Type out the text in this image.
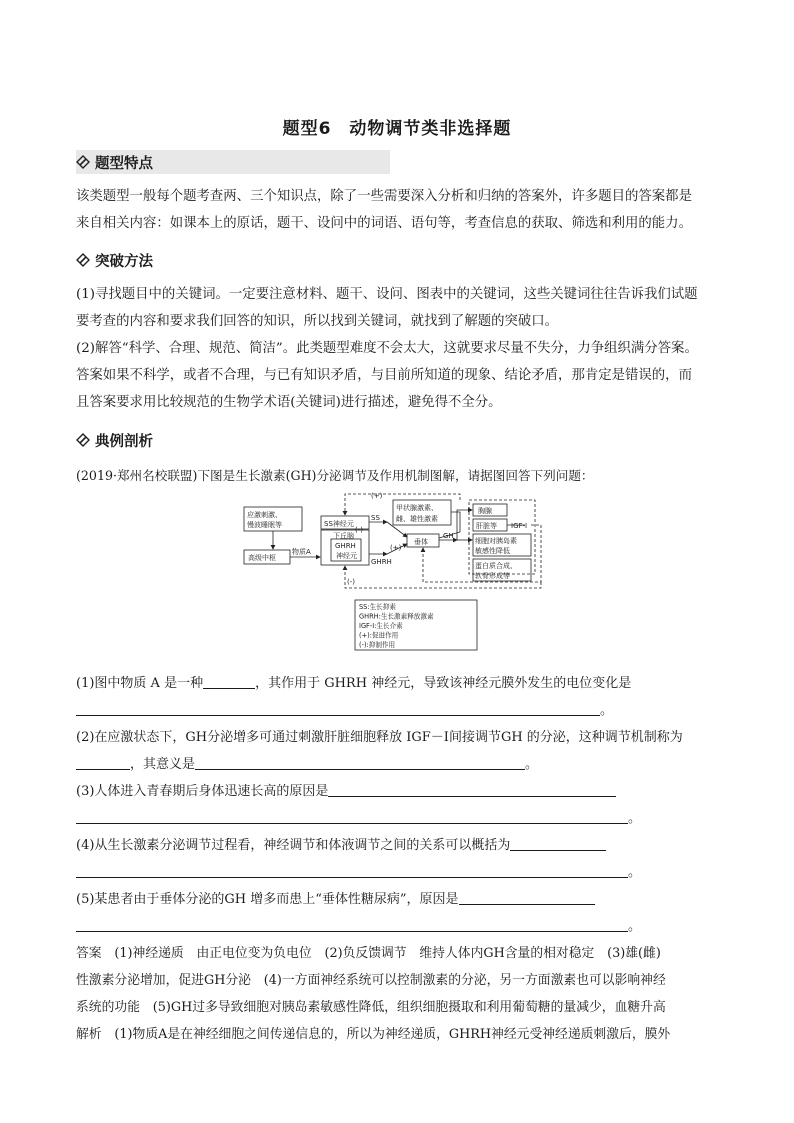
题型6　动物调节类非选择题
题型特点
该类题型一般每个题考查两、三个知识点，除了一些需要深入分析和归纳的答案外，许多题目的答案都是
来自相关内容：如课本上的原话，题干、设问中的词语、语句等，考查信息的获取、筛选和利用的能力。
突破方法
(1)寻找题目中的关键词。一定要注意材料、题干、设问、图表中的关键词，这些关键词往往告诉我们试题
要考查的内容和要求我们回答的知识，所以找到关键词，就找到了解题的突破口。
(2)解答“科学、合理、规范、简洁”。此类题型难度不会太大，这就要求尽量不失分，力争组织满分答案。
答案如果不科学，或者不合理，与已有知识矛盾，与目前所知道的现象、结论矛盾，那肯定是错误的，而
且答案要求用比较规范的生物学术语(关键词)进行描述，避免得不全分。
典例剖析
(2019·郑州名校联盟)下图是生长激素(GH)分泌调节及作用机制图解，请据图回答下列问题：
应激刺激、
慢波睡眠等
高级中枢
物质A
SS神经元
下丘脑
GHRH
神经元
SS
GHRH
甲状腺激素、
雌、雄性激素
垂体
GH
胸腺
肝脏等 IGF-Ⅰ
细胞对胰岛素
敏感性降低
蛋白质合成、
软骨形成等
(+)
(-)
(+)
(-)
SS:生长抑素
GHRH:生长激素释放激素
IGF-Ⅰ:生长介素
(+):促进作用
(-):抑制作用
(1)图中物质 A 是一种	，其作用于 GHRH 神经元，导致该神经元膜外发生的电位变化是
。
(2)在应激状态下，GH分泌增多可通过刺激肝脏细胞释放 IGF－Ⅰ间接调节GH 的分泌，这种调节机制称为
，其意义是	。
(3)人体进入青春期后身体迅速长高的原因是
。
(4)从生长激素分泌调节过程看，神经调节和体液调节之间的关系可以概括为
。
(5)某患者由于垂体分泌的GH 增多而患上“垂体性糖尿病”，原因是
。
答案　(1)神经递质　由正电位变为负电位　(2)负反馈调节　维持人体内GH含量的相对稳定　(3)雄(雌)
性激素分泌增加，促进GH分泌　(4)一方面神经系统可以控制激素的分泌，另一方面激素也可以影响神经
系统的功能　(5)GH过多导致细胞对胰岛素敏感性降低，组织细胞摄取和利用葡萄糖的量减少，血糖升高
解析　(1)物质A是在神经细胞之间传递信息的，所以为神经递质，GHRH神经元受神经递质刺激后，膜外
